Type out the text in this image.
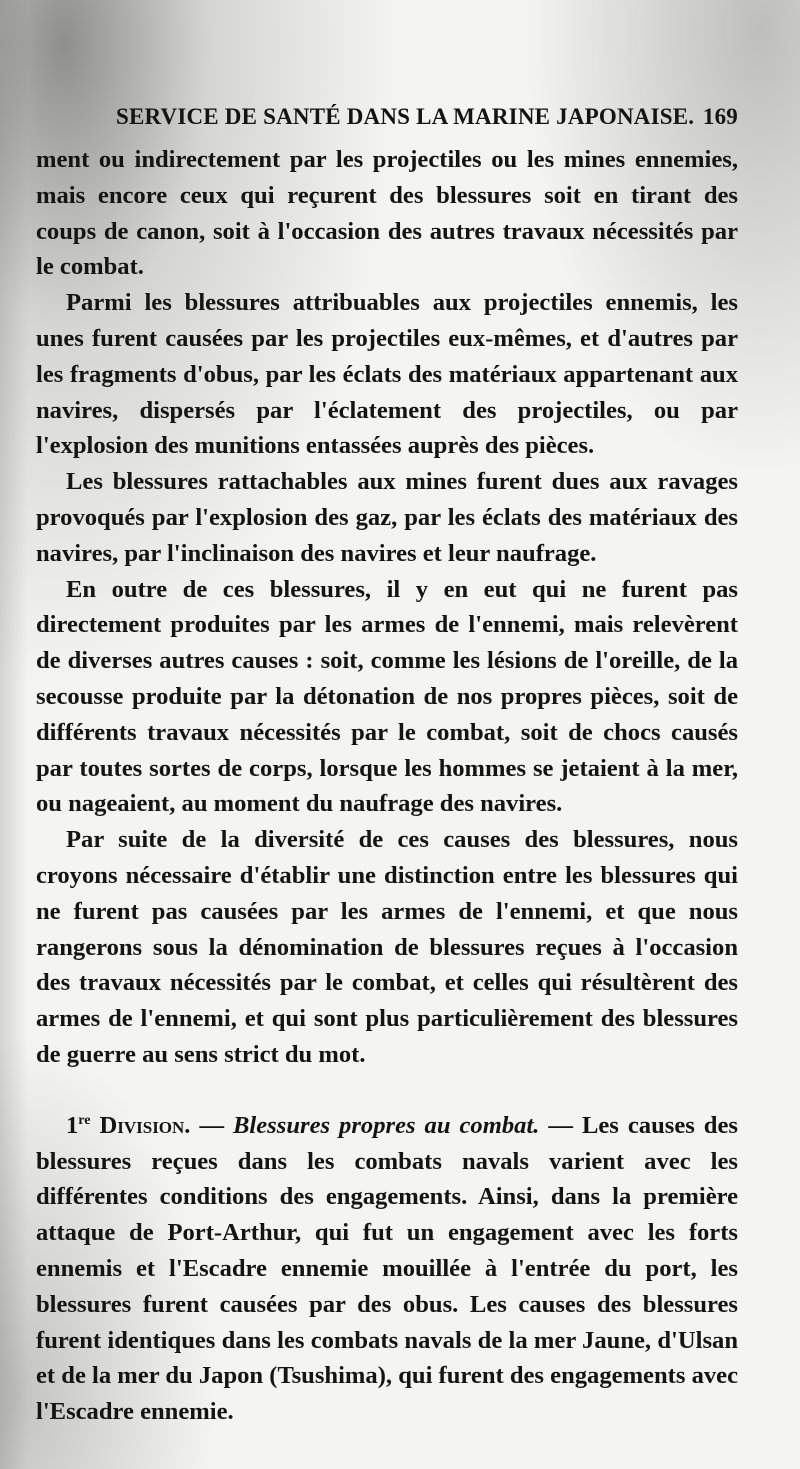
SERVICE DE SANTÉ DANS LA MARINE JAPONAISE. 169

ment ou indirectement par les projectiles ou les mines ennemies, mais encore ceux qui reçurent des blessures soit en tirant des coups de canon, soit à l'occasion des autres travaux nécessités par le combat.

Parmi les blessures attribuables aux projectiles ennemis, les unes furent causées par les projectiles eux-mêmes, et d'autres par les fragments d'obus, par les éclats des matériaux appartenant aux navires, dispersés par l'éclatement des projectiles, ou par l'explosion des munitions entassées auprès des pièces.

Les blessures rattachables aux mines furent dues aux ravages provoqués par l'explosion des gaz, par les éclats des matériaux des navires, par l'inclinaison des navires et leur naufrage.

En outre de ces blessures, il y en eut qui ne furent pas directement produites par les armes de l'ennemi, mais relevèrent de diverses autres causes : soit, comme les lésions de l'oreille, de la secousse produite par la détonation de nos propres pièces, soit de différents travaux nécessités par le combat, soit de chocs causés par toutes sortes de corps, lorsque les hommes se jetaient à la mer, ou nageaient, au moment du naufrage des navires.

Par suite de la diversité de ces causes des blessures, nous croyons nécessaire d'établir une distinction entre les blessures qui ne furent pas causées par les armes de l'ennemi, et que nous rangerons sous la dénomination de blessures reçues à l'occasion des travaux nécessités par le combat, et celles qui résultèrent des armes de l'ennemi, et qui sont plus particulièrement des blessures de guerre au sens strict du mot.

1re Division. — Blessures propres au combat. — Les causes des blessures reçues dans les combats navals varient avec les différentes conditions des engagements. Ainsi, dans la première attaque de Port-Arthur, qui fut un engagement avec les forts ennemis et l'Escadre ennemie mouillée à l'entrée du port, les blessures furent causées par des obus. Les causes des blessures furent identiques dans les combats navals de la mer Jaune, d'Ulsan et de la mer du Japon (Tsushima), qui furent des engagements avec l'Escadre ennemie.
